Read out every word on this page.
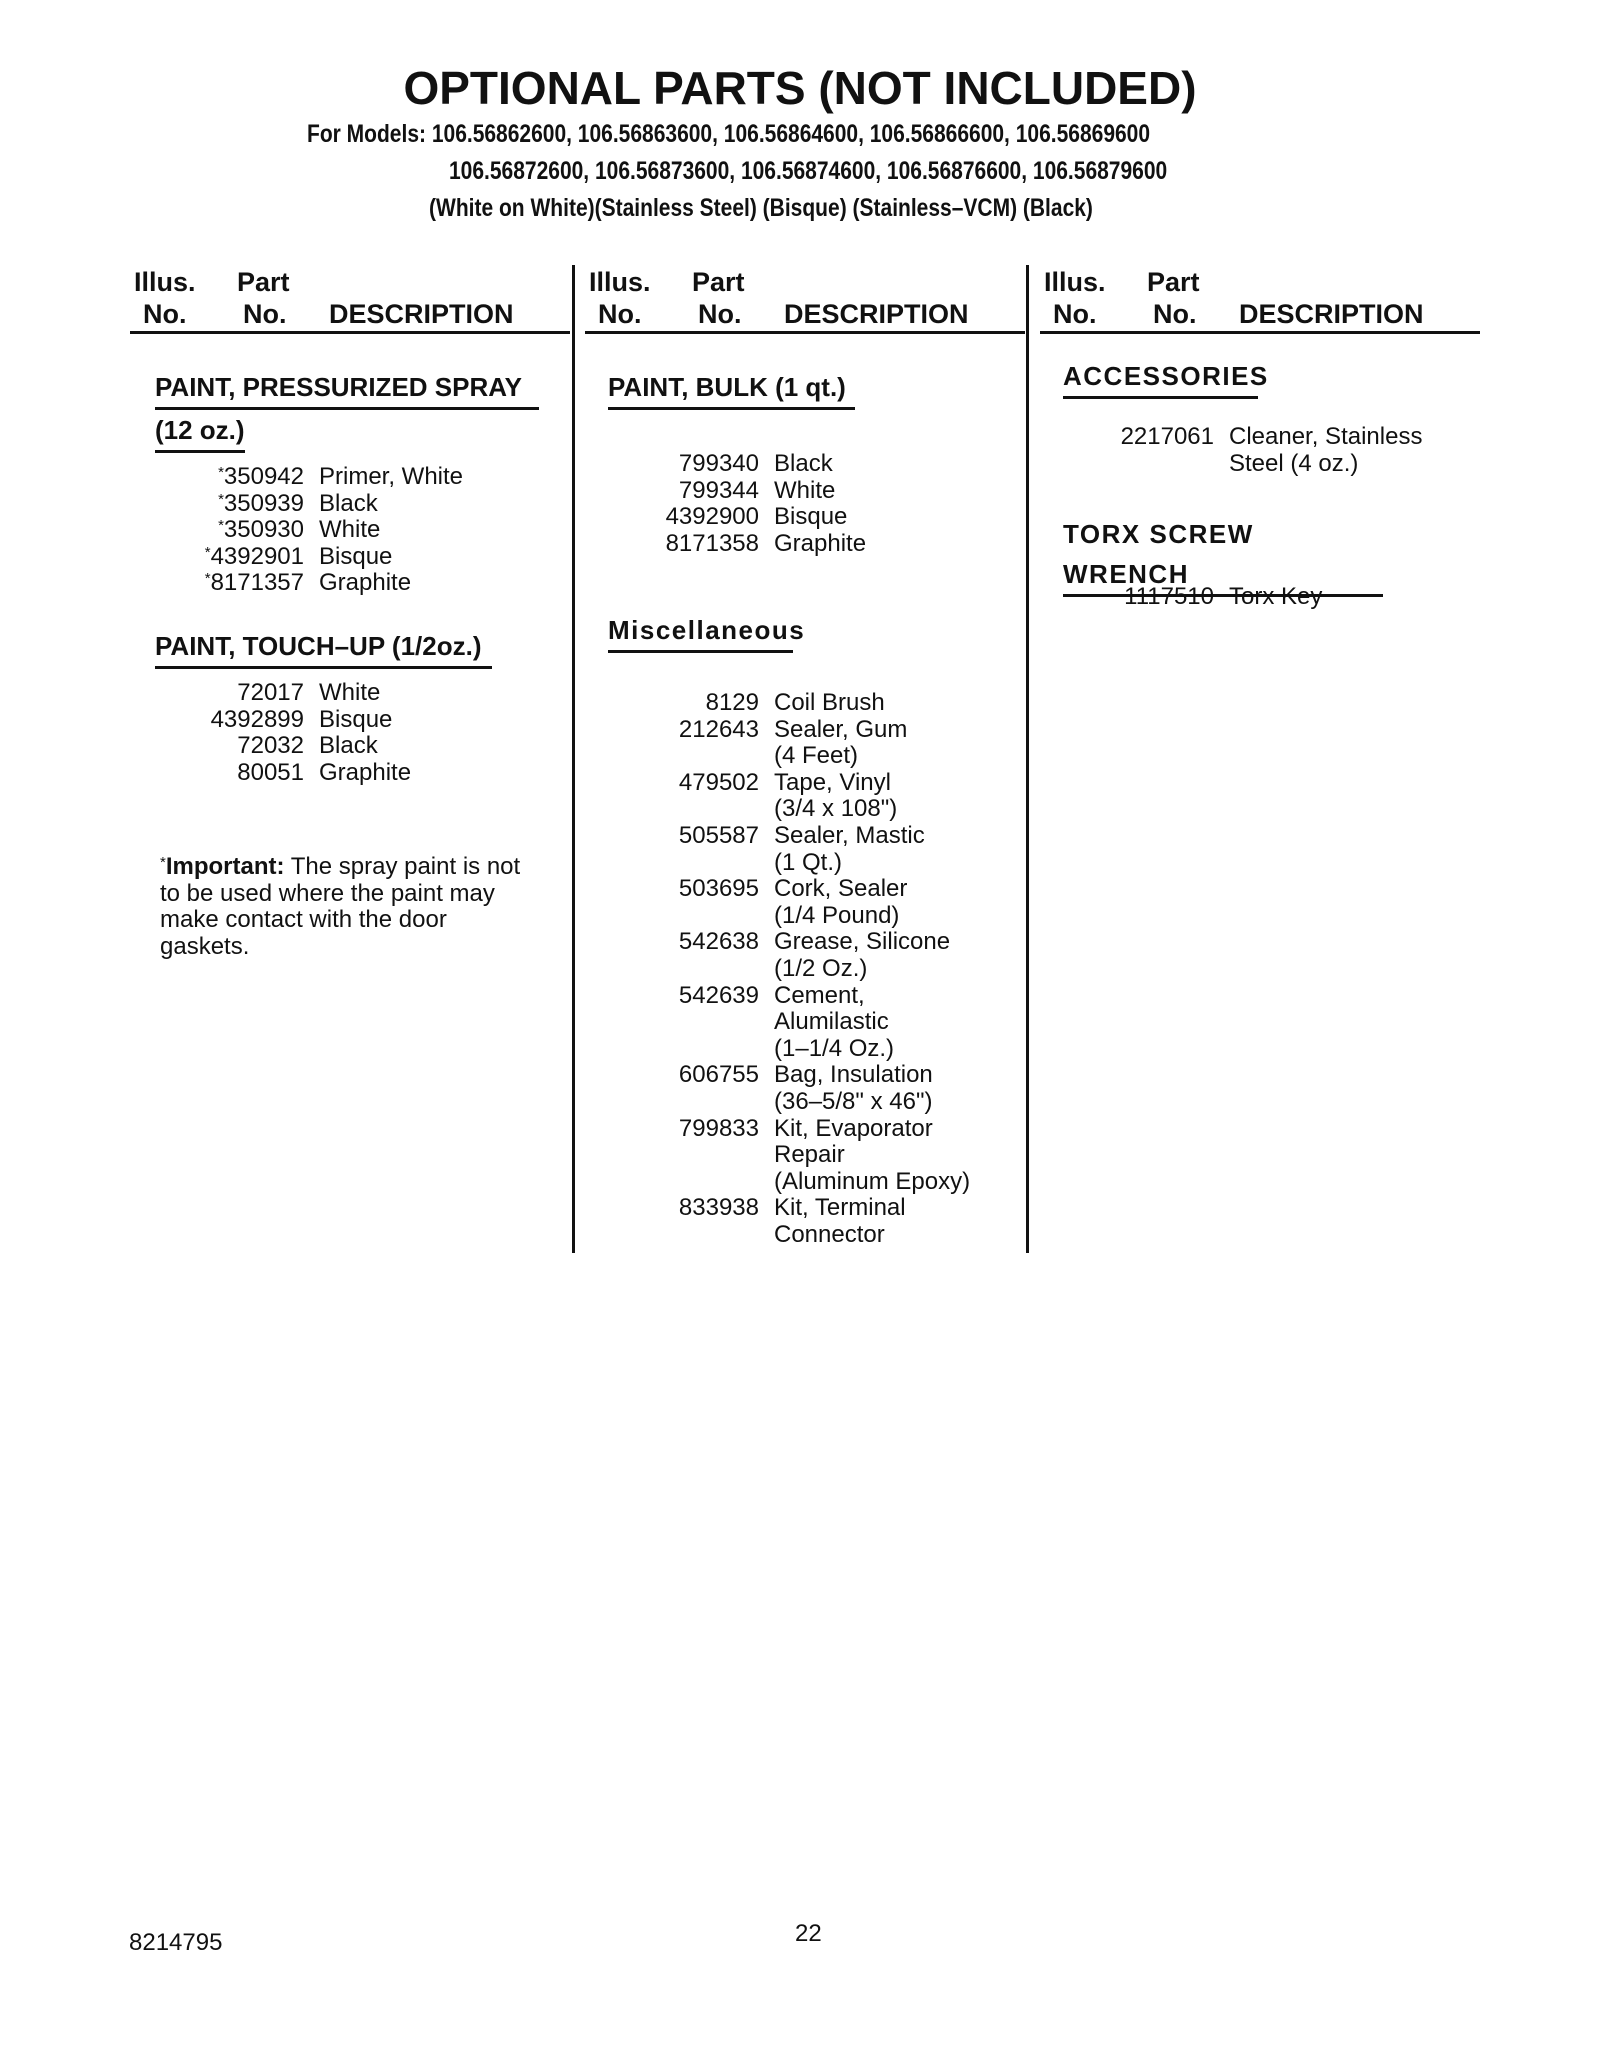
OPTIONAL PARTS (NOT INCLUDED)
For Models: 106.56862600, 106.56863600, 106.56864600, 106.56866600, 106.56869600
106.56872600, 106.56873600, 106.56874600, 106.56876600, 106.56879600
(White on White)(Stainless Steel) (Bisque) (Stainless–VCM) (Black)
Illus. Part
No. No. DESCRIPTION
PAINT, PRESSURIZED SPRAY
(12 oz.)
*350942 Primer, White
*350939 Black
*350930 White
*4392901 Bisque
*8171357 Graphite
PAINT, TOUCH–UP (1/2oz.)
72017 White
4392899 Bisque
72032 Black
80051 Graphite
*Important: The spray paint is not to be used where the paint may make contact with the door gaskets.
Illus. Part
No. No. DESCRIPTION
PAINT, BULK (1 qt.)
799340 Black
799344 White
4392900 Bisque
8171358 Graphite
Miscellaneous
8129 Coil Brush
212643 Sealer, Gum
(4 Feet)
479502 Tape, Vinyl
(3/4 x 108")
505587 Sealer, Mastic
(1 Qt.)
503695 Cork, Sealer
(1/4 Pound)
542638 Grease, Silicone
(1/2 Oz.)
542639 Cement,
Alumilastic
(1–1/4 Oz.)
606755 Bag, Insulation
(36–5/8" x 46")
799833 Kit, Evaporator
Repair
(Aluminum Epoxy)
833938 Kit, Terminal
Connector
Illus. Part
No. No. DESCRIPTION
ACCESSORIES
2217061 Cleaner, Stainless
Steel (4 oz.)
TORX SCREW WRENCH
1117510 Torx Key
8214795	22
